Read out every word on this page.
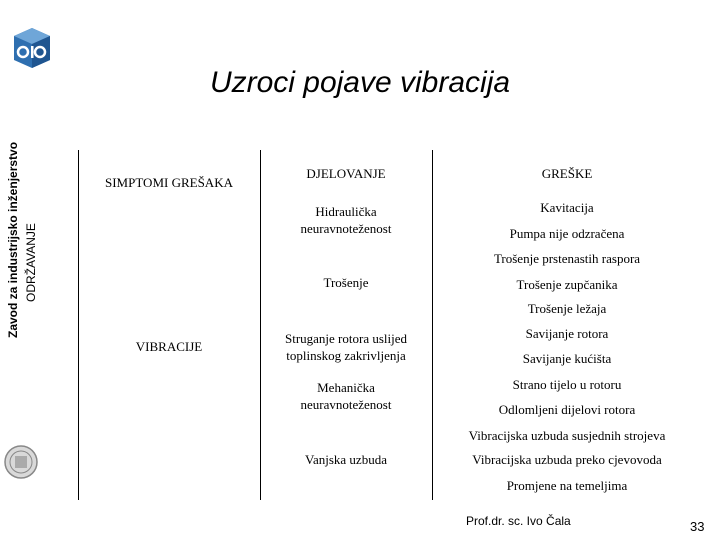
Zavod za industrijsko inženjerstvo ODRŽAVANJE
Uzroci pojave vibracija
SIMPTOMI GREŠAKA
DJELOVANJE	GREŠKE
VIBRACIJE
Hidraulička
neuravnoteženost
Trošenje
Struganje rotora uslijed
toplinskog zakrivljenja
Mehanička
neuravnoteženost
Vanjska uzbuda
Kavitacija
Pumpa nije odzračena
Trošenje prstenastih raspora
Trošenje zupčanika
Trošenje ležaja
Savijanje rotora
Savijanje kućišta
Strano tijelo u rotoru
Odlomljeni dijelovi rotora
Vibracijska uzbuda susjednih strojeva
Vibracijska uzbuda preko cjevovoda
Promjene na temeljima
Prof.dr. sc. Ivo Čala	33
